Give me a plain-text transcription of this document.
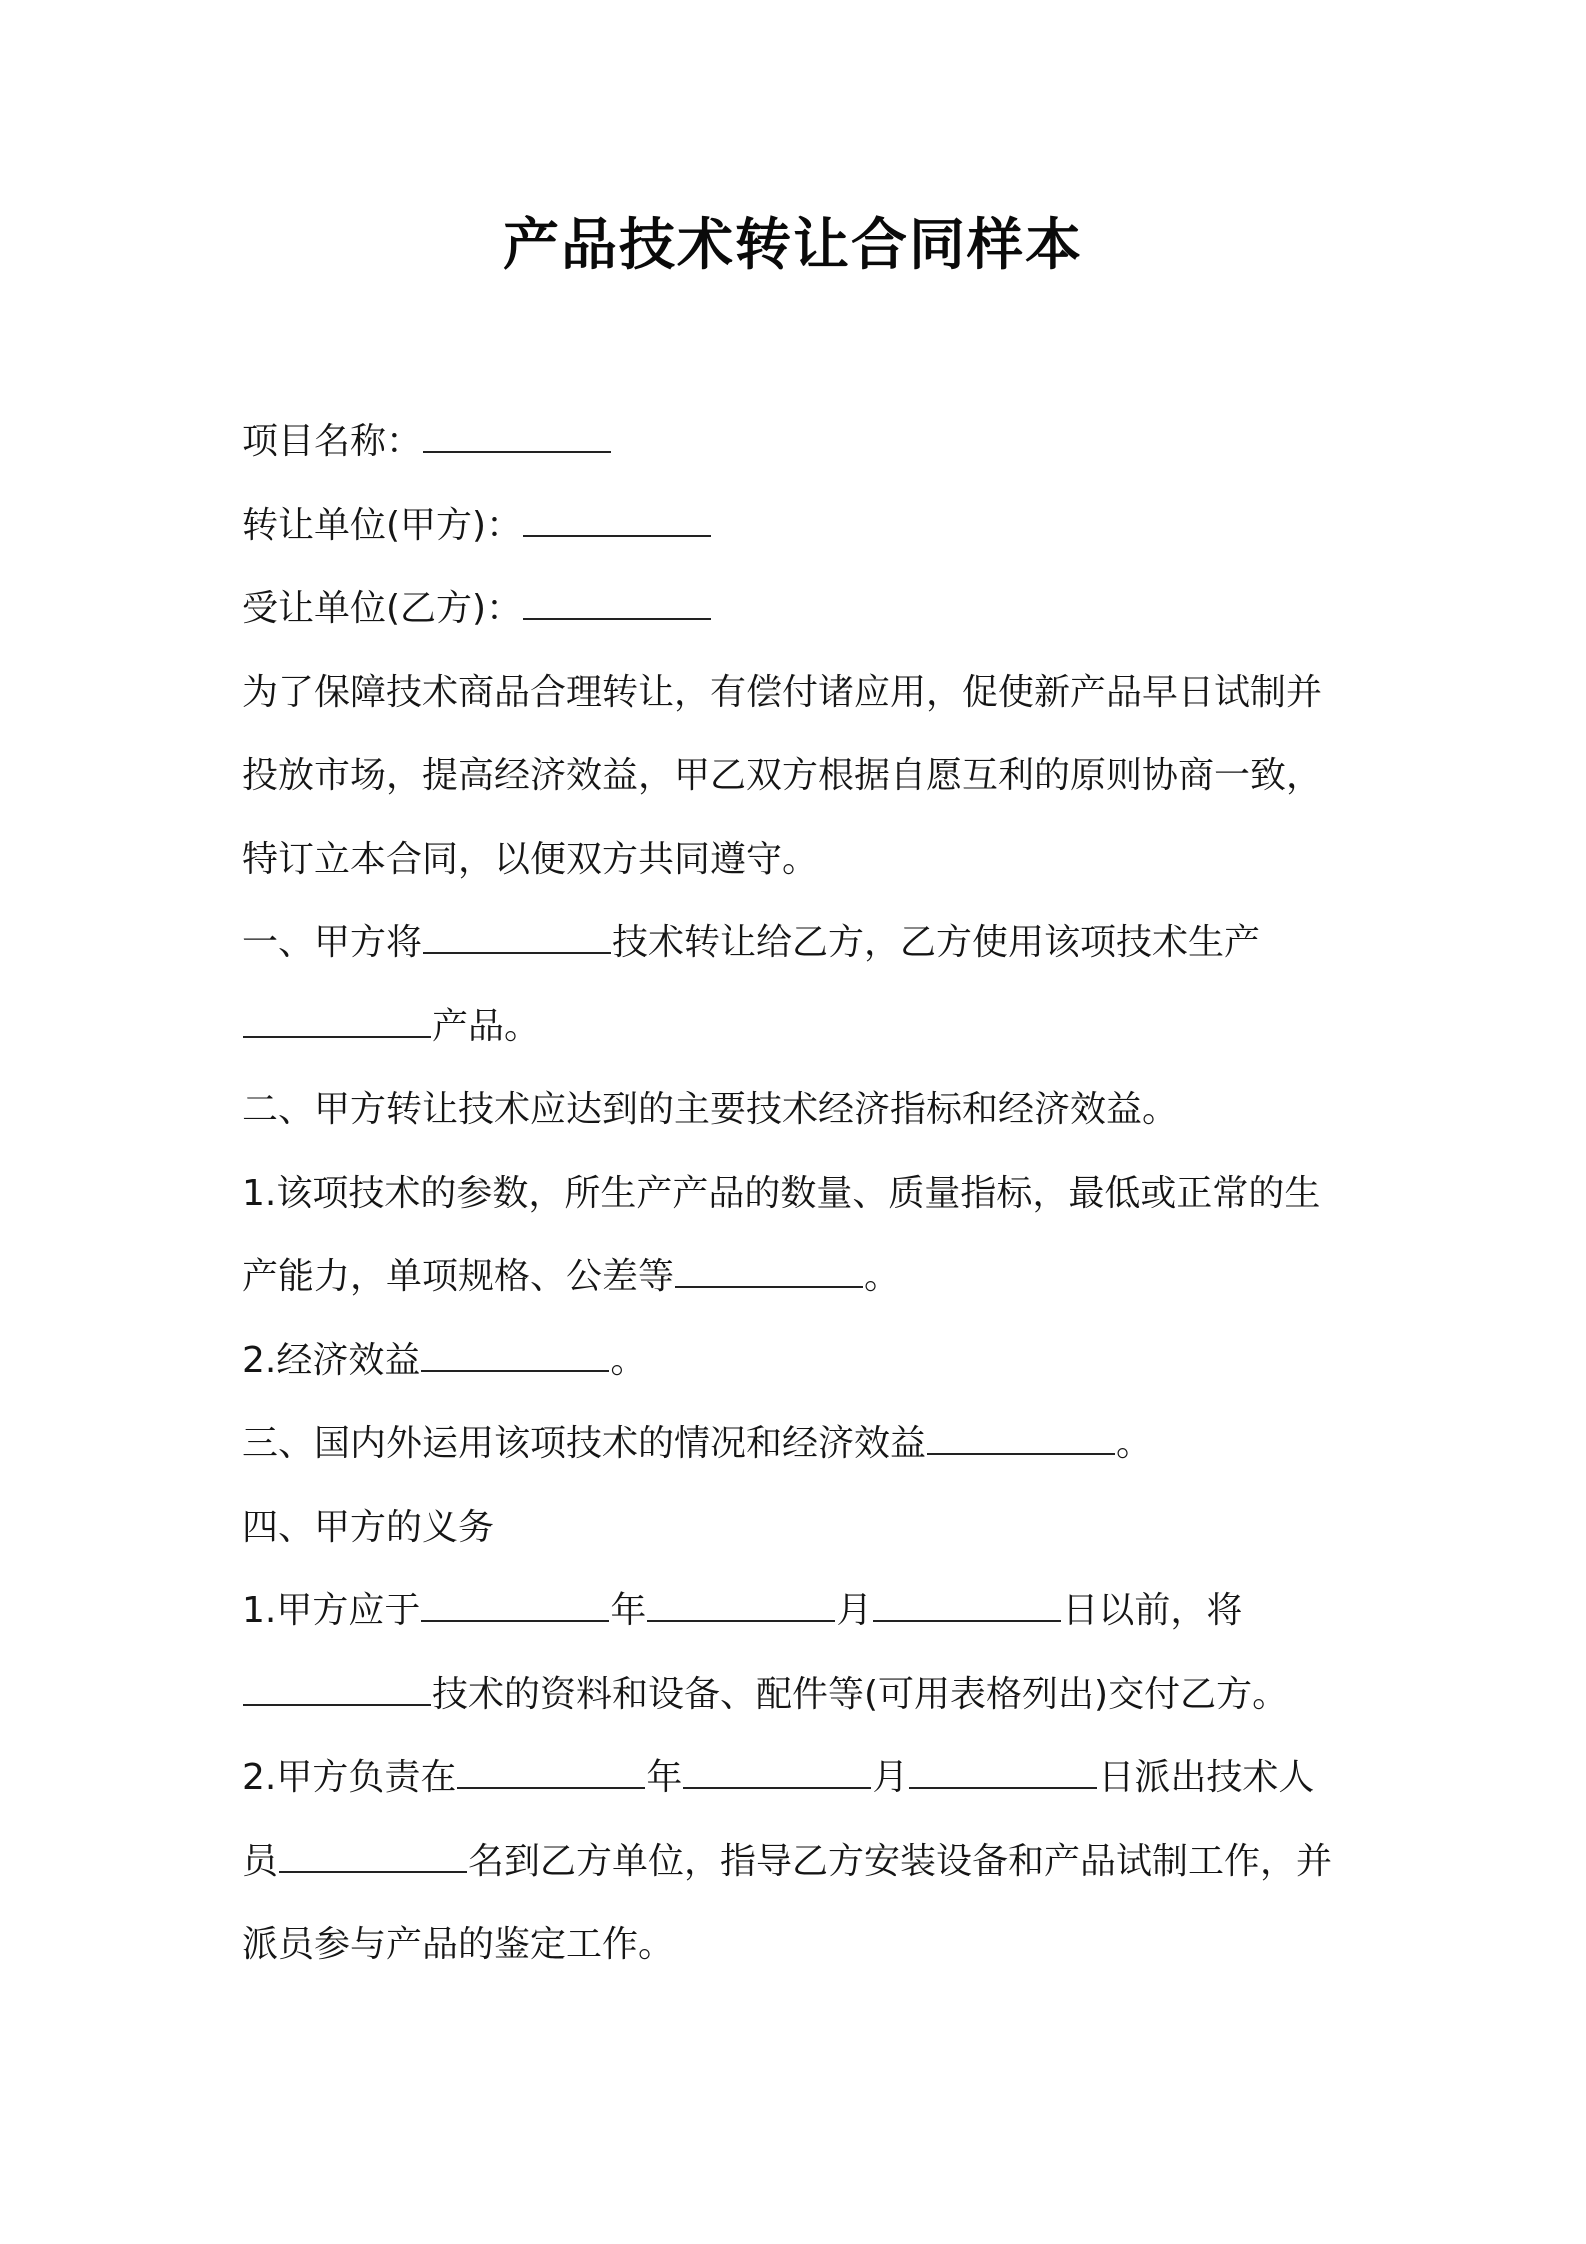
产品技术转让合同样本
项目名称：
转让单位(甲方)：
受让单位(乙方)：
为了保障技术商品合理转让，有偿付诸应用，促使新产品早日试制并
投放市场，提高经济效益，甲乙双方根据自愿互利的原则协商一致，
特订立本合同，以便双方共同遵守。
一、甲方将	技术转让给乙方，乙方使用该项技术生产
产品。
二、甲方转让技术应达到的主要技术经济指标和经济效益。
1.该项技术的参数，所生产产品的数量、质量指标，最低或正常的生
产能力，单项规格、公差等	。
2.经济效益	。
三、国内外运用该项技术的情况和经济效益	。
四、甲方的义务
1.甲方应于	年	月	日以前，将
技术的资料和设备、配件等(可用表格列出)交付乙方。
2.甲方负责在	年	月	日派出技术人
员	名到乙方单位，指导乙方安装设备和产品试制工作，并
派员参与产品的鉴定工作。
